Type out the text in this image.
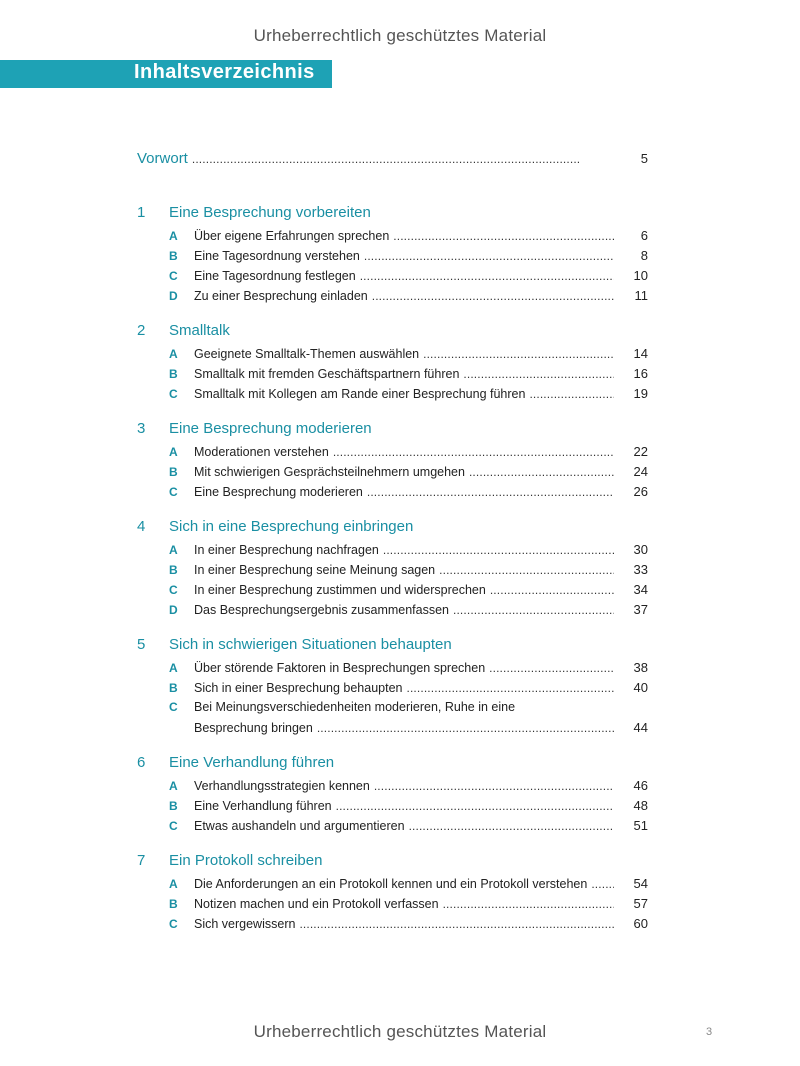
Urheberrechtlich geschütztes Material
Inhaltsverzeichnis
Vorwort . . .	5
1	Eine Besprechung vorbereiten
A	Über eigene Erfahrungen sprechen . . .	6
B	Eine Tagesordnung verstehen . . .	8
C	Eine Tagesordnung festlegen . . .	10
D	Zu einer Besprechung einladen . . .	11
2	Smalltalk
A	Geeignete Smalltalk-Themen auswählen . . .	14
B	Smalltalk mit fremden Geschäftspartnern führen . . .	16
C	Smalltalk mit Kollegen am Rande einer Besprechung führen . . .	19
3	Eine Besprechung moderieren
A	Moderationen verstehen . . .	22
B	Mit schwierigen Gesprächsteilnehmern umgehen . . .	24
C	Eine Besprechung moderieren . . .	26
4	Sich in eine Besprechung einbringen
A	In einer Besprechung nachfragen . . .	30
B	In einer Besprechung seine Meinung sagen . . .	33
C	In einer Besprechung zustimmen und widersprechen . . .	34
D	Das Besprechungsergebnis zusammenfassen . . .	37
5	Sich in schwierigen Situationen behaupten
A	Über störende Faktoren in Besprechungen sprechen . . .	38
B	Sich in einer Besprechung behaupten . . .	40
C	Bei Meinungsverschiedenheiten moderieren, Ruhe in eine
Besprechung bringen . . .	44
6	Eine Verhandlung führen
A	Verhandlungsstrategien kennen . . .	46
B	Eine Verhandlung führen . . .	48
C	Etwas aushandeln und argumentieren . . .	51
7	Ein Protokoll schreiben
A	Die Anforderungen an ein Protokoll kennen und ein Protokoll verstehen . . .	54
B	Notizen machen und ein Protokoll verfassen . . .	57
C	Sich vergewissern . . .	60
Urheberrechtlich geschütztes Material	3
